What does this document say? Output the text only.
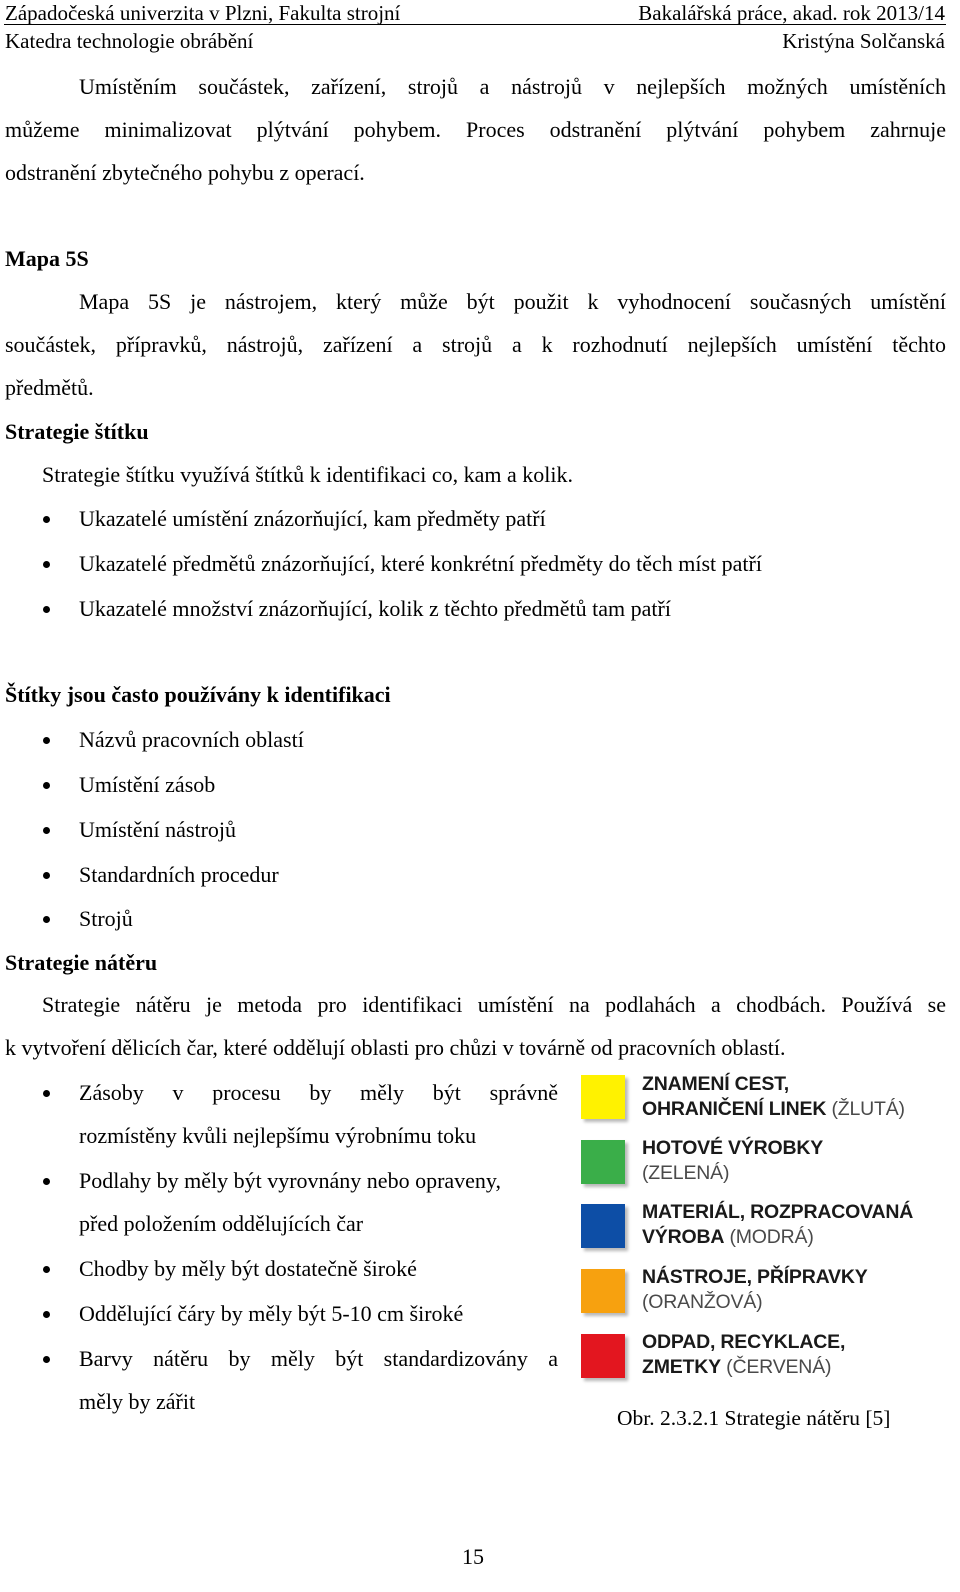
Západočeská univerzita v Plzni, Fakulta strojní	Bakalářská práce, akad. rok 2013/14
Katedra technologie obrábění	Kristýna Solčanská
Umístěním součástek, zařízení, strojů a nástrojů v nejlepších možných umístěních
můžeme minimalizovat plýtvání pohybem. Proces odstranění plýtvání pohybem zahrnuje
odstranění zbytečného pohybu z operací.
Mapa 5S
Mapa 5S je nástrojem, který může být použit k vyhodnocení současných umístění
součástek, přípravků, nástrojů, zařízení a strojů a k rozhodnutí nejlepších umístění těchto
předmětů.
Strategie štítku
Strategie štítku využívá štítků k identifikaci co, kam a kolik.
Ukazatelé umístění znázorňující, kam předměty patří
Ukazatelé předmětů znázorňující, které konkrétní předměty do těch míst patří
Ukazatelé množství znázorňující, kolik z těchto předmětů tam patří
Štítky jsou často používány k identifikaci
Názvů pracovních oblastí
Umístění zásob
Umístění nástrojů
Standardních procedur
Strojů
Strategie nátěru
Strategie nátěru je metoda pro identifikaci umístění na podlahách a chodbách. Používá se
k vytvoření dělicích čar, které oddělují oblasti pro chůzi v továrně od pracovních oblastí.
Zásoby v procesu by měly být správně
rozmístěny kvůli nejlepšímu výrobnímu toku
Podlahy by měly být vyrovnány nebo opraveny,
před položením oddělujících čar
Chodby by měly být dostatečně široké
Oddělující čáry by měly být 5-10 cm široké
Barvy nátěru by měly být standardizovány a
měly by zářit
ZNAMENÍ CEST,
OHRANIČENÍ LINEK (ŽLUTÁ)
HOTOVÉ VÝROBKY
(ZELENÁ)
MATERIÁL, ROZPRACOVANÁ
VÝROBA (MODRÁ)
NÁSTROJE, PŘÍPRAVKY
(ORANŽOVÁ)
ODPAD, RECYKLACE,
ZMETKY (ČERVENÁ)
Obr. 2.3.2.1 Strategie nátěru [5]
15
